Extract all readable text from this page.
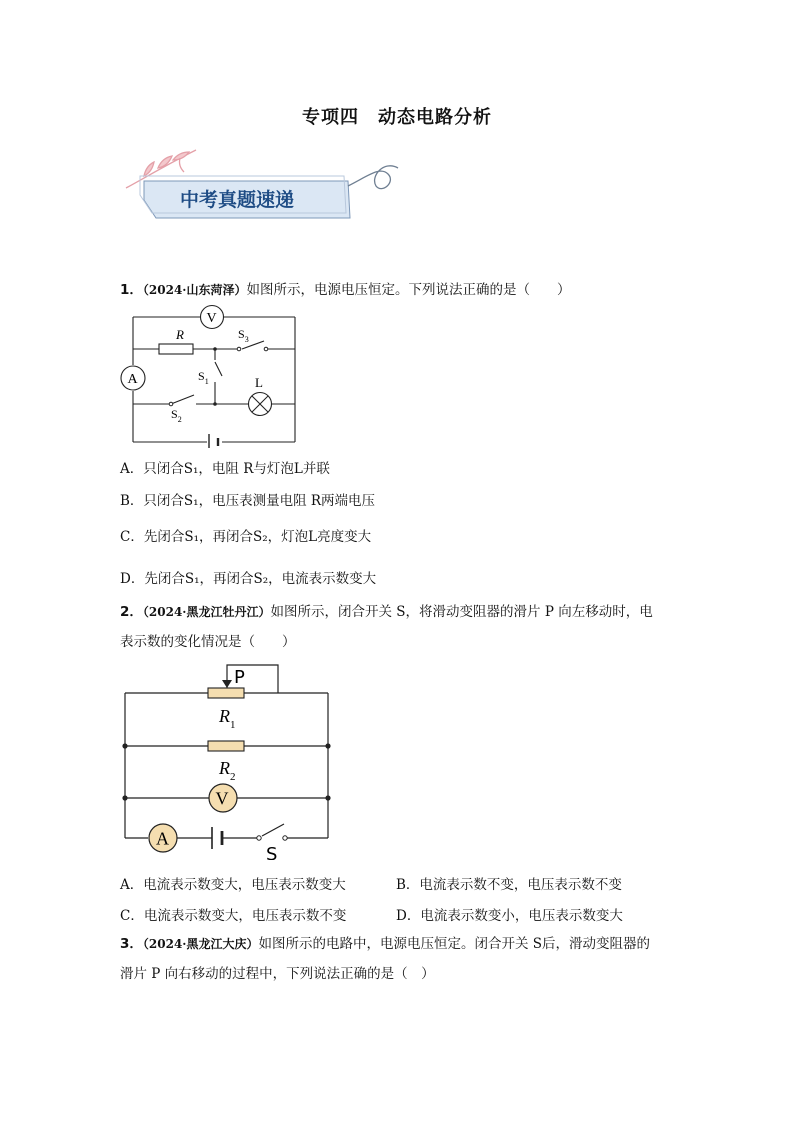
专项四　动态电路分析
中考真题速递
1．（2024·山东菏泽）如图所示，电源电压恒定。下列说法正确的是（　　）
V
A
R	$S_3$
$S_1$	L
$S_2$
A．只闭合S₁，电阻 R与灯泡L并联
B．只闭合S₁，电压表测量电阻 R两端电压
C．先闭合S₁，再闭合S₂，灯泡L亮度变大
D．先闭合S₁，再闭合S₂，电流表示数变大
2．（2024·黑龙江牡丹江）如图所示，闭合开关 S，将滑动变阻器的滑片 P 向左移动时，电
表示数的变化情况是（　　）
V
A
P
$R_1$
$R_2$
S
A．电流表示数变大，电压表示数变大	B．电流表示数不变，电压表示数不变
C．电流表示数变大，电压表示数不变	D．电流表示数变小，电压表示数变大
3．（2024·黑龙江大庆）如图所示的电路中，电源电压恒定。闭合开关 S后，滑动变阻器的
滑片 P 向右移动的过程中，下列说法正确的是（　）
